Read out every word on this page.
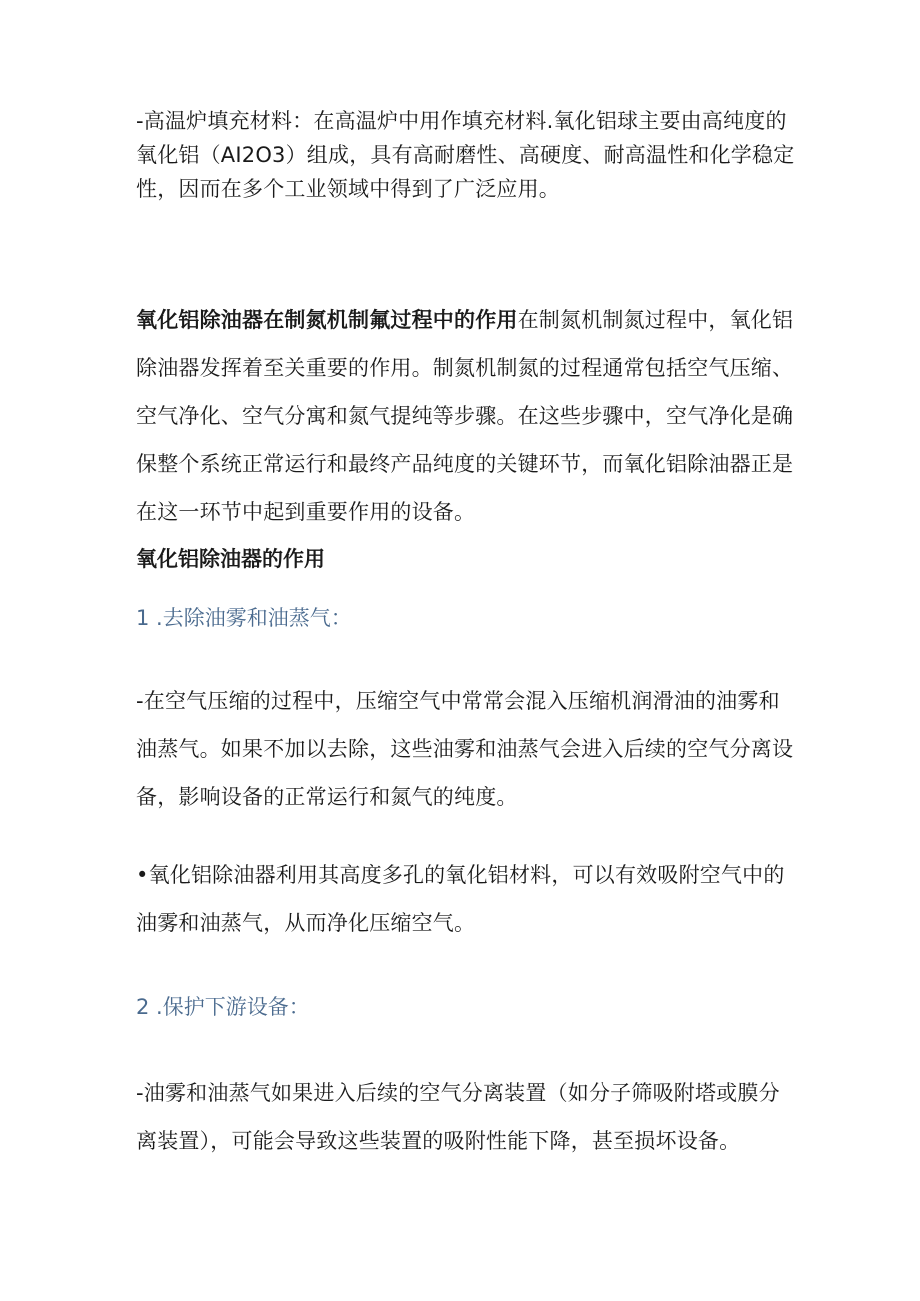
-高温炉填充材料：在高温炉中用作填充材料.氧化铝球主要由高纯度的氧化铝（AI2O3）组成，具有高耐磨性、高硬度、耐高温性和化学稳定性，因而在多个工业领域中得到了广泛应用。

氧化铝除油器在制氮机制氟过程中的作用在制氮机制氮过程中，氧化铝除油器发挥着至关重要的作用。制氮机制氮的过程通常包括空气压缩、空气净化、空气分寓和氮气提纯等步骤。在这些步骤中，空气净化是确保整个系统正常运行和最终产品纯度的关键环节，而氧化铝除油器正是在这一环节中起到重要作用的设备。

氧化铝除油器的作用

1 .去除油雾和油蒸气：

-在空气压缩的过程中，压缩空气中常常会混入压缩机润滑油的油雾和油蒸气。如果不加以去除，这些油雾和油蒸气会进入后续的空气分离设备，影响设备的正常运行和氮气的纯度。

•氧化铝除油器利用其高度多孔的氧化铝材料，可以有效吸附空气中的油雾和油蒸气，从而净化压缩空气。

2 .保护下游设备：

-油雾和油蒸气如果进入后续的空气分离装置（如分子筛吸附塔或膜分离装置），可能会导致这些装置的吸附性能下降，甚至损坏设备。
